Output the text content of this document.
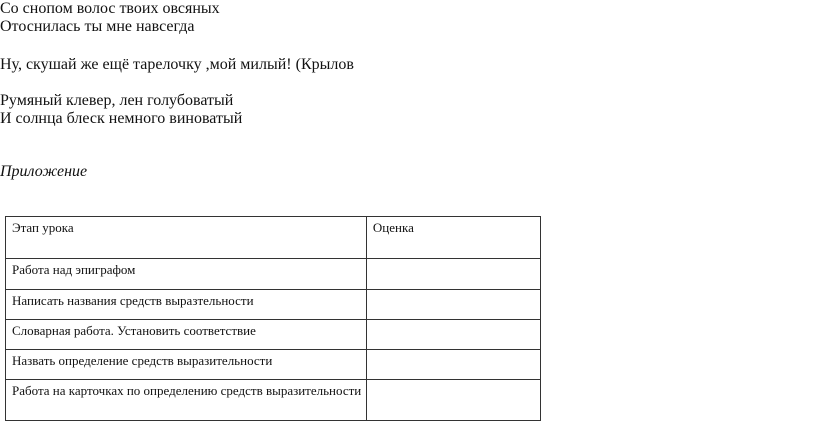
Со снопом волос твоих овсяных
Отоснилась ты мне навсегда
Ну, скушай же ещё тарелочку ,мой милый! (Крылов
Румяный клевер, лен голубоватый
И солнца блеск немного виноватый
Приложение
Этап урока	Оценка
Работа над эпиграфом	
Написать названия средств выразтельности	
Словарная работа. Установить соответствие	
Назвать определение средств выразительности	
Работа на карточках по определению средств выразительности	
